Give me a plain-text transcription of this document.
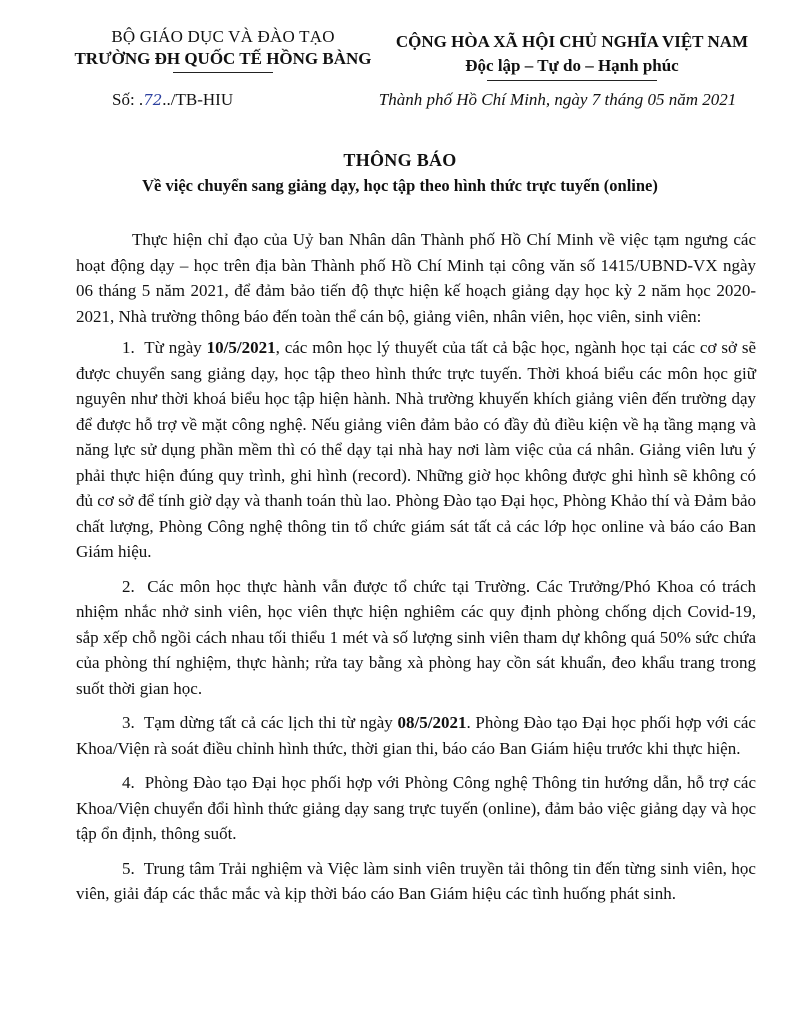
BỘ GIÁO DỤC VÀ ĐÀO TẠO
TRƯỜNG ĐH QUỐC TẾ HỒNG BÀNG
CỘNG HÒA XÃ HỘI CHỦ NGHĨA VIỆT NAM
Độc lập – Tự do – Hạnh phúc
Số: .72../TB-HIU	Thành phố Hồ Chí Minh, ngày 7 tháng 05 năm 2021
THÔNG BÁO
Về việc chuyển sang giảng dạy, học tập theo hình thức trực tuyến (online)

Thực hiện chỉ đạo của Uỷ ban Nhân dân Thành phố Hồ Chí Minh về việc tạm ngưng các hoạt động dạy – học trên địa bàn Thành phố Hồ Chí Minh tại công văn số 1415/UBND-VX ngày 06 tháng 5 năm 2021, để đảm bảo tiến độ thực hiện kế hoạch giảng dạy học kỳ 2 năm học 2020-2021, Nhà trường thông báo đến toàn thể cán bộ, giảng viên, nhân viên, học viên, sinh viên:

1. Từ ngày 10/5/2021, các môn học lý thuyết của tất cả bậc học, ngành học tại các cơ sở sẽ được chuyển sang giảng dạy, học tập theo hình thức trực tuyến. Thời khoá biểu các môn học giữ nguyên như thời khoá biểu học tập hiện hành. Nhà trường khuyến khích giảng viên đến trường dạy để được hỗ trợ về mặt công nghệ. Nếu giảng viên đảm bảo có đầy đủ điều kiện về hạ tầng mạng và năng lực sử dụng phần mềm thì có thể dạy tại nhà hay nơi làm việc của cá nhân. Giảng viên lưu ý phải thực hiện đúng quy trình, ghi hình (record). Những giờ học không được ghi hình sẽ không có đủ cơ sở để tính giờ dạy và thanh toán thù lao. Phòng Đào tạo Đại học, Phòng Khảo thí và Đảm bảo chất lượng, Phòng Công nghệ thông tin tổ chức giám sát tất cả các lớp học online và báo cáo Ban Giám hiệu.

2. Các môn học thực hành vẫn được tổ chức tại Trường. Các Trưởng/Phó Khoa có trách nhiệm nhắc nhở sinh viên, học viên thực hiện nghiêm các quy định phòng chống dịch Covid-19, sắp xếp chỗ ngồi cách nhau tối thiểu 1 mét và số lượng sinh viên tham dự không quá 50% sức chứa của phòng thí nghiệm, thực hành; rửa tay bằng xà phòng hay cồn sát khuẩn, đeo khẩu trang trong suốt thời gian học.

3. Tạm dừng tất cả các lịch thi từ ngày 08/5/2021. Phòng Đào tạo Đại học phối hợp với các Khoa/Viện rà soát điều chỉnh hình thức, thời gian thi, báo cáo Ban Giám hiệu trước khi thực hiện.

4. Phòng Đào tạo Đại học phối hợp với Phòng Công nghệ Thông tin hướng dẫn, hỗ trợ các Khoa/Viện chuyển đổi hình thức giảng dạy sang trực tuyến (online), đảm bảo việc giảng dạy và học tập ổn định, thông suốt.

5. Trung tâm Trải nghiệm và Việc làm sinh viên truyền tải thông tin đến từng sinh viên, học viên, giải đáp các thắc mắc và kịp thời báo cáo Ban Giám hiệu các tình huống phát sinh.
